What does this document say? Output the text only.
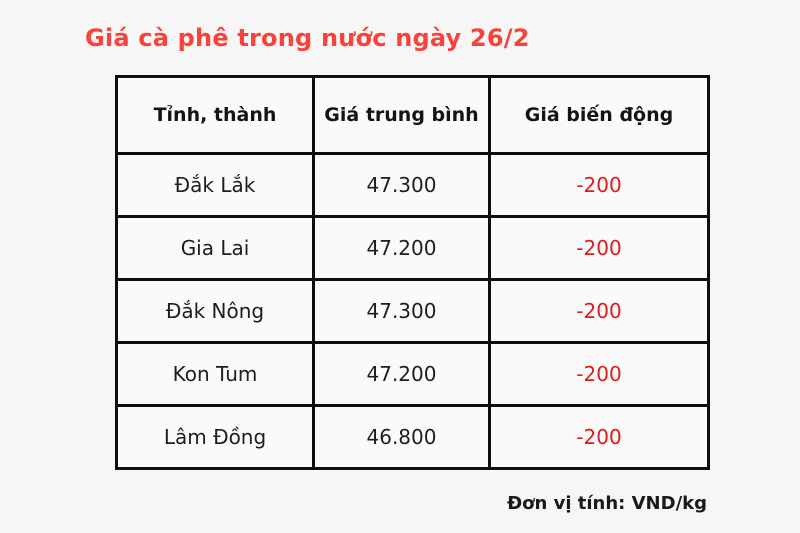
Giá cà phê trong nước ngày 26/2
Tỉnh, thành	Giá trung bình	Giá biến động
Đắk Lắk	47.300	-200
Gia Lai	47.200	-200
Đắk Nông	47.300	-200
Kon Tum	47.200	-200
Lâm Đồng	46.800	-200
Đơn vị tính: VND/kg
